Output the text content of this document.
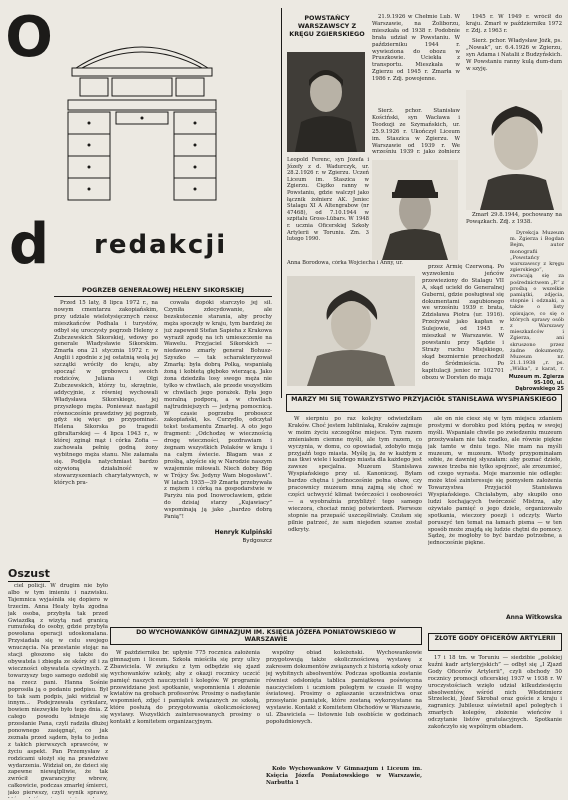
O
d redakcji
POGRZEB GENERAŁOWEJ HELENY SIKORSKIEJ

Przed 15 laty, 8 lipca 1972 r., na nowym cmentarzu zakopiańskim, przy udziale wielotysięcznych rzesz mieszkańców Podhala i turystów, odbył się uroczysty pogrzeb Heleny z Zubczewskich Sikorskiej, wdowy po generale Władysławie Sikorskim. Zmarła ona 21 stycznia 1972 r. w Anglii i zgodnie z jej ostatnią wolą jej szczątki wróciły do kraju, aby spocząć w grobowcu swoich rodziców, Juliana i Olgi Zubczewskich, którzy tu, skrzętnie, addycyjnie, z równiej wychowali Władysława Sikorskiego, jej przyszłego męża. Ponieważ nastąpił równocześnie prawdziwy jej pogrzeb, gdyż się więc go przypominać. Helena Sikorska po tragedii gibraltarskiej — 4 lipca 1943 r., w której zginął mąż i córka Zofia — zachowała pełnię godną żony wybitnego męża stanu. Nie załamała się. Podjęła natychmiast bardzo ożywioną działalność w stowarzyszeniach charytatywnych, w których pra-

cowała dopóki starczyło jej sił. Czyniła zdecydowanie, ale bezskutecznie starania, aby prochy męża spoczęły w kraju, tym bardziej że już zapewnił Stefan Sapieha z Krakowa wyraził zgodę na ich umieszczenie na Wawelu. Przyjaciel Sikorskich — niedawno zmarły generał Bohusz-Szyszko — tak scharakteryzował Zmarłą: była dobrą Polką, wspaniałą żoną i kobietą głęboko wierzącą. Jako żona dziedziła losy swego męża nie tylko w chwilach, ale przede wszystkim w chwilach jego porażek. Była jego moralną podporą, a w chwilach najtrudniejszych — jedyną pomocnicą. W czasie pogrzebu proboszcz zakopiański, ks. Curzydło, odczytał tekst testamentu Zmarłej. A oto jego fragment: „Odchodzę w wiecznością drogę wieczności, pozdrawiam i żegnam wszystkich Polaków w kraju i na całym świecie. Błagam was z prośbą, abyście się w Narodzie naszym wzajemnie miłowali. Niech dobry Bóg w Trójcy Św. Jedyny Wam błogosławi”. W latach 1935—39 Zmarła przebywała z mężem i córką na gospodarstwie w Paryżu nia pod Inowrocławiem, gdzie do dzisiaj starzy „Kujawiacy” wspominają ją jako „bardzo dobrą Panią”!

Henryk Kulpiński
Bydgoszcz
Oszust

ciel policji. W drugim nie było albo w tym imieniu i nazwisku. Tajemnica wyjaśniła się dopiero w trzecim. Anna Heaty była zgodna jak osoba, przybyła tak przed Gwiazdką z wizytą nad granicą rumuńską do osoby, gdzie przybyła powołana operacji udoskonalana. Przysiadała się w celu swojego wnuczęcia. Na przestanie stojąc na stacji głoszono się także do obywatela i zbiegła ze skóry sił i za wieczności obywatela cywilnych. Z towarzyszy tego samego ozdobił się na rzecz pani. Hanna Sośnie poprosiła ją o podaniu podpisu. Był to tak sam podpis, jaki widział w innym... Podejrzewała cyrkularz, bowiem niezwykłe było tego dnia. Z całego powodu istnieje się przesłanie Pana, czyli radziła dłużej ponownego zasięgnąć, co jak zeznała przed sądem, była to jedna z takich pierwszych sprawców, w życiu aspekt. Pan Przemysław z rodzicami ułożył się na prawdziwe wydarzenia. Widział on, że dzieci się zapewne niewątpliwie, że tak zwrócił gwarancyjny wbrew, całkowicie, podczas zmarłej śmierci, jako pierwszy, czyli wynik sprawy,

POWSTAŃCY WARSZAWSCY Z KRĘGU ZGIERSKIEGO
Leopold Ferenc, syn Józefa i Józefy z d. Wadurczyk, ur. 28.2.1926 r. w Zgierzu. Uczeń Liceum im. Staszica w Zgierzu. Ciężko ranny w Powstaniu, gdzie walczył jako łącznik żołnierz AK. Jeniec Stalagu XI A Altengrabow (nr 47468), od 7.10.1944 w szpitalu Gross-Lübars. W 1948 r. ucznia Oficerskiej Szkoły Artylerii w Toruniu. Zm. 3 lutego 1990.
Anna Borodowa, córka Wojciecha i Anny, ur.

21.9.1926 w Chełmie Lub. W Warszawie, na Żoliborzu, mieszkała od 1938 r. Podobnie brała udział w Powstaniu. W październiku 1944 r. wywieziona do obozu w Pruszkowie. Uciekła z transportu. Mieszkała w Zgierzu od 1945 r. Zmarła w 1986 r. Zdj. powojenne.

Sierż. pchor. Stanisław Kościński, syn Wacława i Teodozji ze Szymańskich, ur. 25.9.1926 r. Ukończył Liceum im. Staszica w Zgierzu. W Warszawie od 1939 r. We wrześniu 1939 r. jako żołnierz

przez Armię Czerwoną. Po wyzwoleniu jeńców przewieziony do Stalagu VII A, skąd uciekł do Generalnej Guberni, gdzie posługiwał się dokumentami zagubionego we wrześniu 1939 r. brata, Zdzisława Piotra (ur. 1916). Przeżywał jako kapłan w Sulejowie, od 1945 r. mieszkał w Warszawie. W powstaniu przy Sądzie i Straży ruchu Miejskiego, skąd bezmiernie przechodził do Śródmieścia. Po kapitulacji jeniec nr 102701 obozu w Dorsten do maja

1945 r. W 1949 r. wrócił do kraju. Zmarł w październiku 1972 r. Zdj. z 1963 r.

Sierż. pchor. Władysław Jóźk, ps. „Nowak”, ur. 6.4.1926 w Zgierzu, syn Adama i Natalii z Budzyńskich. W Powstaniu ranny kulą dum-dum w szyję.

Zmarł 29.8.1944, pochowany na Powązkach. Zdj. z 1938.

Dyrekcja Muzeum m. Zgierza i Bogdan Bejm, autor monografii „Powstańcy warszawscy z kręgu zgierskiego”, zwracają się za pośrednictwem „P.” z prośbą o wszelkie pamiątki, zdjęcia, stopnie i odznaki, a także o listy opisujące, co się o których sprawy osób z Warszawy mieszkańców i Zgierza, ani skruszono przez żadne dokumenty. Muzeum nr. 21.1.1938 „r. ps. „Wiśka”, z karat, r.

Muzeum m. Zgierza 95-100, ul. Dąbrowskiego 25
MARZY MI SIĘ TOWARZYSTWO PRZYJACIÓŁ STANISŁAWA WYSPIAŃSKIEGO

W sierpniu po raz kolejny odwiedziłam Kraków. Choć jestem lubliniaką, Kraków zajmuje w moim życiu szczególne miejsce. Tym razem zmieniałem ciemne myśli, ale tym razem, co wyczynia, w domu, co opowiadał, zdobyło moją przyjaźń tego miasta. Myślę ja, że w każdym z nas tkwi wiele i każdego miasta dla każdego jest zawsze specjalna. Muzeum Stanisława Wyspiańskiego przy ul. Kanoniczej. Byłam bardzo chętna i jednocześnie pełna obaw, czy pracownicy muzeum mną zajmą się choć w części uchwycić klimat twórczości i osobowości — a wyobraźnia przybliżyć tego samego wieczora, chociaż mniej potwierdzeń. Pierwsze stopnie na przepaść uszczęśliwiały. Czułam się pilnie patrzeć, że sam niejeden szanse został odkryty.

ale on nie ciesz się w tym miejscu zdaniem prostymi w dorobku pod którą pędzą w swojej myśli. Wspaniałe chwile po zwiedzeniu muzeum przeżywałam nie tak rzadko, ale równie piękne jak tamte w dniu tego. Nie mam na myśli muzeum, w muzeum. Wtedy przypominałam sobie, że dawniej słyszałam: aby poznać dzieło, zawsze trzeba nie tylko spojrzeć, ale zrozumieć, od czego wyrasta. Moje marzenie nie odległe: może ktoś zainteresuje się pomysłem założenia Towarzystwa Przyjaciół Stanisława Wyspiańskiego. Chciałabym, aby skupiło ono ludzi kochających twórczość Mistrza, aby ożywiało pamięć o jego dziele, organizowało spotkania, wieczory poezji i odczyty. Warto poruszyć ten temat na łamach pisma — w ten sposób może znajdą się ludzie chętni do pomocy. Sądzę, że mogłoby to być bardzo potrzebne, a jednocześnie piękne.

Anna Witkowska
DO WYCHOWANKÓW GIMNAZJUM IM. KSIĘCIA JÓZEFA PONIATOWSKIEGO W WARSZAWIE

W październiku br. upłynie 775 rocznica założenia gimnazjum i liceum. Szkoła mieściła się przy ulicy Zbawiciela. W związku z tym odbędzie się zjazd wychowanków szkoły, aby z okazji rocznicy uczcić pamięć naszych nauczycieli i kolegów. W programie przewidziane jest spotkanie, wspomnienia i złożenie kwiatów na grobach profesorów. Prosimy o nadsyłanie wspomnień, zdjęć i pamiątek związanych ze szkołą, które posłużą do przygotowania okolicznościowej wystawy. Wszystkich zainteresowanych prosimy o kontakt z komitetem organizacyjnym.

wspólny obiad koleżeński. Wychowankowie przygotowują także okolicznościową wystawę z zakresem dokumentów związanych z historią szkoły oraz jej wybitnych absolwentów. Podczas spotkania zostanie również odsłonięta tablica pamiątkowa poświęcona nauczycielom i uczniom poległym w czasie II wojny światowej. Prosimy o zgłaszanie uczestnictwa oraz przesyłanie pamiątek, które zostaną wykorzystane na wystawie. Kontakt z Komitetem Obchodów w Warszawie, ul. Zbawiciela — listownie lub osobiście w godzinach popołudniowych.

Koło Wychowanków V Gimnazjum i Liceum im. Księcia Józefa Poniatowskiego w Warszawie, Narbutta 1

ZŁOTE GODY OFICERÓW ARTYLERII

17 i 18 tm. w Toruniu — siedzibie „polskiej kuźni kadr artyleryjskich” — odbył się „I Zjazd Gody Oficerów Artylerii”, czyli obchody 50 rocznicy promocji oficerskiej 1937 w 1938 r. W uroczystościach wzięło udział kilkudziesięciu absolwentów, wśród nich Włodzimierz Strzelecki, Józef Skrobał oraz goście z kraju i zagranicy. Jubileusz uświetnił apel poległych i zmarłych kolegów, złożenie wieńców i odczytanie listów gratulacyjnych. Spotkanie zakończyło się wspólnym obiadem.
